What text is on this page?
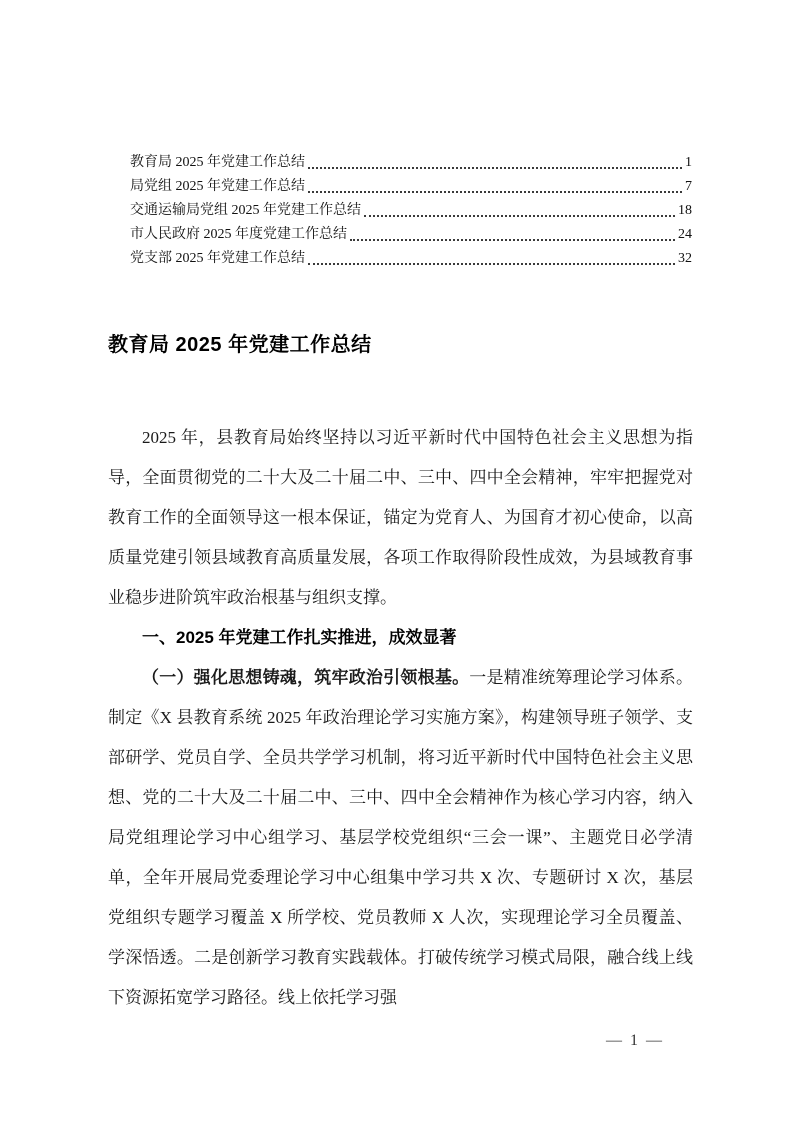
教育局 2025 年党建工作总结	1
局党组 2025 年党建工作总结	7
交通运输局党组 2025 年党建工作总结	18
市人民政府 2025 年度党建工作总结	24
党支部 2025 年党建工作总结	32
教育局 2025 年党建工作总结

2025 年，县教育局始终坚持以习近平新时代中国特色社会主义思想为指导，全面贯彻党的二十大及二十届二中、三中、四中全会精神，牢牢把握党对教育工作的全面领导这一根本保证，锚定为党育人、为国育才初心使命，以高质量党建引领县域教育高质量发展，各项工作取得阶段性成效，为县域教育事业稳步进阶筑牢政治根基与组织支撑。

一、2025 年党建工作扎实推进，成效显著

（一）强化思想铸魂，筑牢政治引领根基。一是精准统筹理论学习体系。制定《X 县教育系统 2025 年政治理论学习实施方案》，构建领导班子领学、支部研学、党员自学、全员共学学习机制，将习近平新时代中国特色社会主义思想、党的二十大及二十届二中、三中、四中全会精神作为核心学习内容，纳入局党组理论学习中心组学习、基层学校党组织“三会一课”、主题党日必学清单，全年开展局党委理论学习中心组集中学习共 X 次、专题研讨 X 次，基层党组织专题学习覆盖 X 所学校、党员教师 X 人次，实现理论学习全员覆盖、学深悟透。二是创新学习教育实践载体。打破传统学习模式局限，融合线上线下资源拓宽学习路径。线上依托学习强

— 1 —
